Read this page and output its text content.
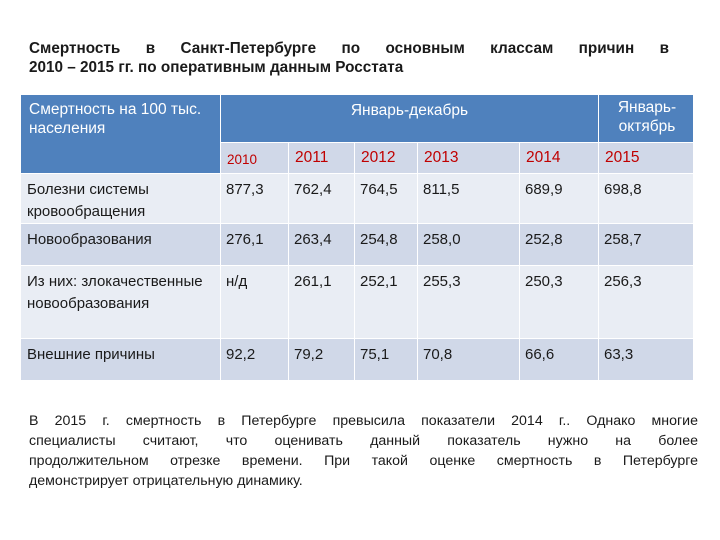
Смертность в Санкт-Петербурге по основным классам причин в
2010 – 2015 гг. по оперативным данным Росстата
Смертность на 100 тыс. населения	Январь-декабрь					Январь-октябрь
	2010	2011	2012	2013	2014	2015
Болезни системы кровообращения	877,3	762,4	764,5	811,5	689,9	698,8
Новообразования	276,1	263,4	254,8	258,0	252,8	258,7
Из них: злокачественные новообразования	н/д	261,1	252,1	255,3	250,3	256,3
Внешние причины	92,2	79,2	75,1	70,8	66,6	63,3
В 2015 г. смертность в Петербурге превысила показатели 2014 г.. Однако многие
специалисты считают, что оценивать данный показатель нужно на более
продолжительном отрезке времени. При такой оценке смертность в Петербурге
демонстрирует отрицательную динамику.
